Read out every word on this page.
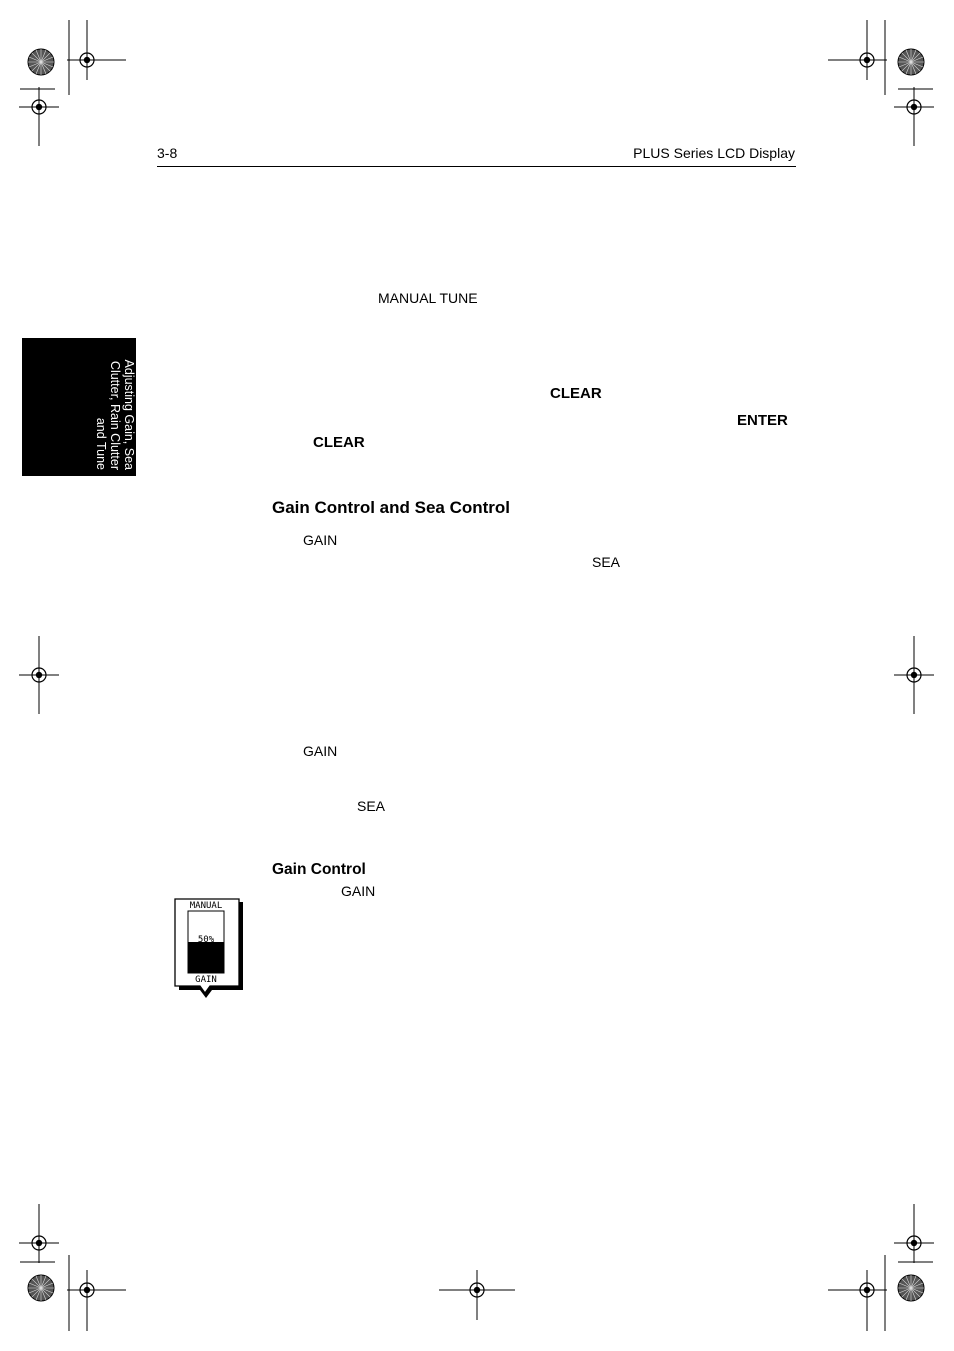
3-8	PLUS Series LCD Display
Adjusting Gain, Sea
Clutter, Rain Clutter
and Tune
MANUAL TUNE
CLEAR
ENTER
CLEAR
Gain Control and Sea Control
GAIN
SEA
GAIN
SEA
Gain Control
GAIN
MANUAL
50%
GAIN
